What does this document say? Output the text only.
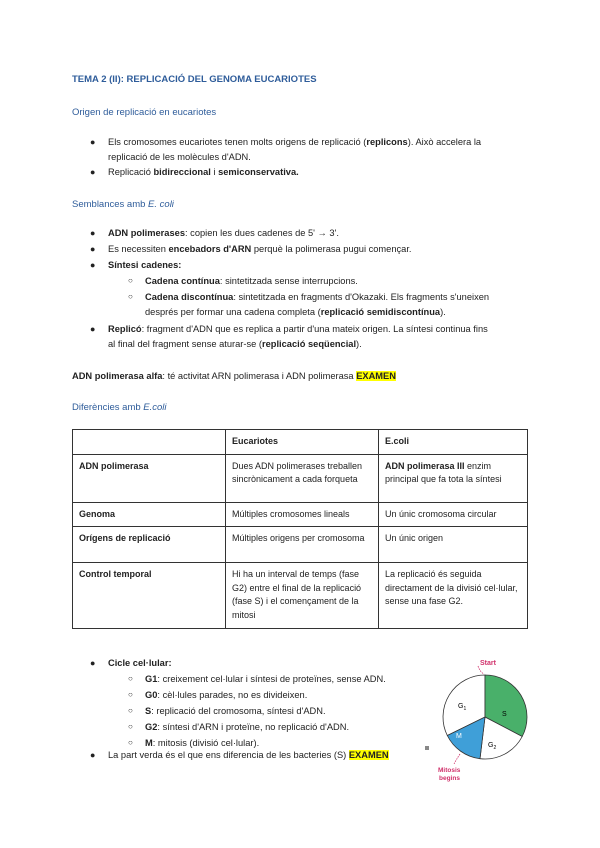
TEMA 2 (II): REPLICACIÓ DEL GENOMA EUCARIOTES
Origen de replicació en eucariotes
● Els cromosomes eucariotes tenen molts origens de replicació (replicons). Això accelera la
replicació de les molècules d'ADN.
● Replicació bidireccional i semiconservativa.
Semblances amb E. coli
● ADN polimerases: copien les dues cadenes de 5' → 3'.
● Es necessiten encebadors d'ARN perquè la polimerasa pugui començar.
● Síntesi cadenes:
○ Cadena contínua: sintetitzada sense interrupcions.
○ Cadena discontínua: sintetitzada en fragments d'Okazaki. Els fragments s'uneixen
després per formar una cadena completa (replicació semidiscontínua).
● Replicó: fragment d'ADN que es replica a partir d'una mateix origen. La síntesi continua fins
al final del fragment sense aturar-se (replicació seqüencial).
ADN polimerasa alfa: té activitat ARN polimerasa i ADN polimerasa EXAMEN
Diferències amb E.coli
	Eucariotes	E.coli
ADN polimerasa	Dues ADN polimerases treballen sincrònicament a cada forqueta	ADN polimerasa III enzim principal que fa tota la síntesi
Genoma	Múltiples cromosomes lineals	Un únic cromosoma circular
Orígens de replicació	Múltiples origens per cromosoma	Un únic origen
Control temporal	Hi ha un interval de temps (fase G2) entre el final de la replicació (fase S) i el començament de la mitosi	La replicació és seguida directament de la divisió cel·lular, sense una fase G2.
● Cicle cel·lular:
○ G1: creixement cel·lular i síntesi de proteïnes, sense ADN.
○ G0: cèl·lules parades, no es divideixen.
○ S: replicació del cromosoma, síntesi d'ADN.
○ G2: síntesi d'ARN i proteïne, no replicació d'ADN.
○ M: mitosis (divisió cel·lular).
● La part verda és el que ens diferencia de les bacteries (S) EXAMEN
$G_1$
S
M
$G_2$
Start
Mitosis
begins
